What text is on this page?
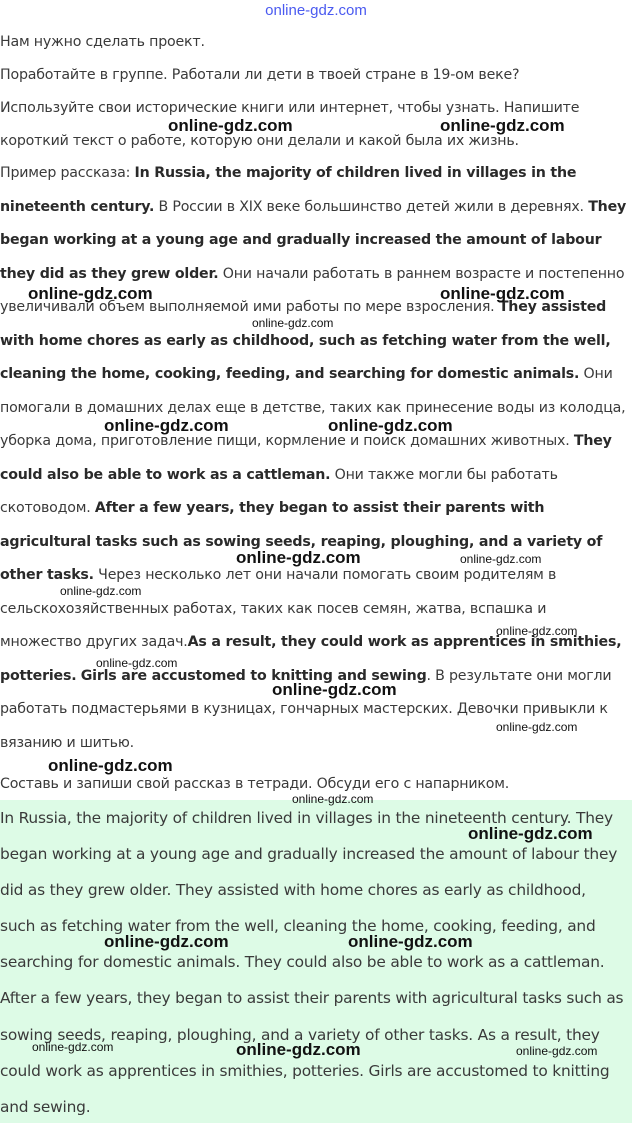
online-gdz.com
Нам нужно сделать проект.
Поработайте в группе. Работали ли дети в твоей стране в 19-ом веке?
Используйте свои исторические книги или интернет, чтобы узнать. Напишите короткий текст о работе, которую они делали и какой была их жизнь.
Пример рассказа: In Russia, the majority of children lived in villages in the nineteenth century. В России в XIX веке большинство детей жили в деревнях. They began working at a young age and gradually increased the amount of labour they did as they grew older. Они начали работать в раннем возрасте и постепенно увеличивали объем выполняемой ими работы по мере взросления. They assisted with home chores as early as childhood, such as fetching water from the well, cleaning the home, cooking, feeding, and searching for domestic animals. Они помогали в домашних делах еще в детстве, таких как принесение воды из колодца, уборка дома, приготовление пищи, кормление и поиск домашних животных. They could also be able to work as a cattleman. Они также могли бы работать скотоводом. After a few years, they began to assist their parents with agricultural tasks such as sowing seeds, reaping, ploughing, and a variety of other tasks. Через несколько лет они начали помогать своим родителям в сельскохозяйственных работах, таких как посев семян, жатва, вспашка и множество других задач.As a result, they could work as apprentices in smithies, potteries. Girls are accustomed to knitting and sewing. В результате они могли работать подмастерьями в кузницах, гончарных мастерских. Девочки привыкли к вязанию и шитью.
Составь и запиши свой рассказ в тетради. Обсуди его с напарником.
In Russia, the majority of children lived in villages in the nineteenth century. They began working at a young age and gradually increased the amount of labour they did as they grew older. They assisted with home chores as early as childhood, such as fetching water from the well, cleaning the home, cooking, feeding, and searching for domestic animals. They could also be able to work as a cattleman. After a few years, they began to assist their parents with agricultural tasks such as sowing seeds, reaping, ploughing, and a variety of other tasks. As a result, they could work as apprentices in smithies, potteries. Girls are accustomed to knitting and sewing.
online-gdz.com	online-gdz.com
online-gdz.com	online-gdz.com
online-gdz.com
online-gdz.com	online-gdz.com
online-gdz.com	online-gdz.com
online-gdz.com
online-gdz.com
online-gdz.com
online-gdz.com
online-gdz.com
online-gdz.com
online-gdz.com
online-gdz.com
online-gdz.com	online-gdz.com
online-gdz.com	online-gdz.com	online-gdz.com
